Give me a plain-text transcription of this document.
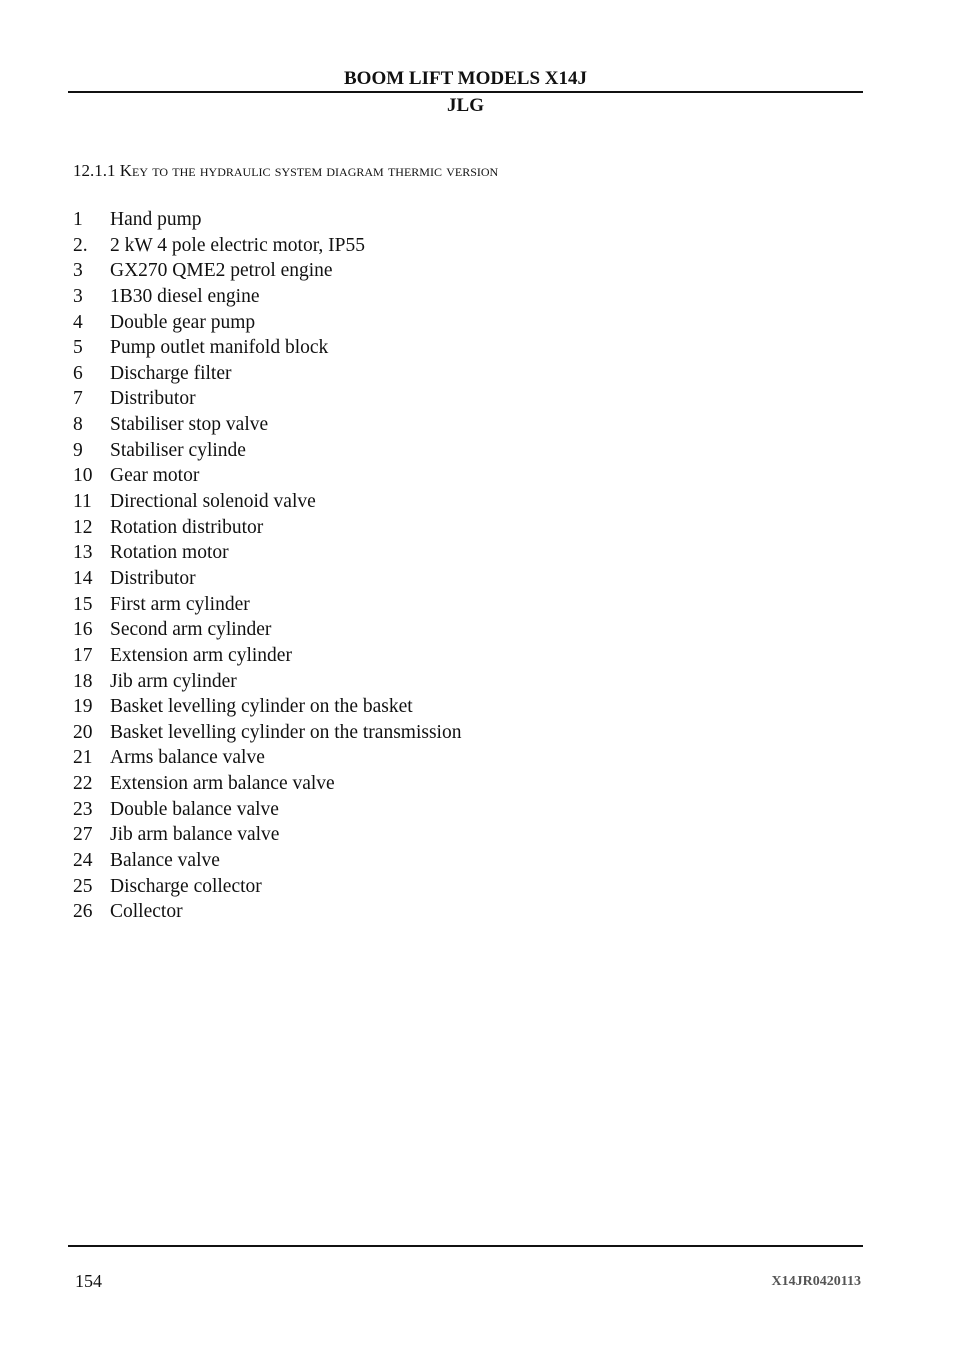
BOOM LIFT MODELS X14J
JLG
12.1.1 Key to the hydraulic system diagram thermic version
1	Hand pump
2.	2 kW 4 pole electric motor, IP55
3	GX270 QME2 petrol engine
3	1B30 diesel engine
4	Double gear pump
5	Pump outlet manifold block
6	Discharge filter
7	Distributor
8	Stabiliser stop valve
9	Stabiliser cylinde
10 Gear motor
11 Directional solenoid valve
12 Rotation distributor
13 Rotation motor
14 Distributor
15 First arm cylinder
16 Second arm cylinder
17 Extension arm cylinder
18 Jib arm cylinder
19 Basket levelling cylinder on the basket
20 Basket levelling cylinder on the transmission
21 Arms balance valve
22 Extension arm balance valve
23 Double balance valve
27 Jib arm balance valve
24 Balance valve
25 Discharge collector
26 Collector
154	X14JR0420113
